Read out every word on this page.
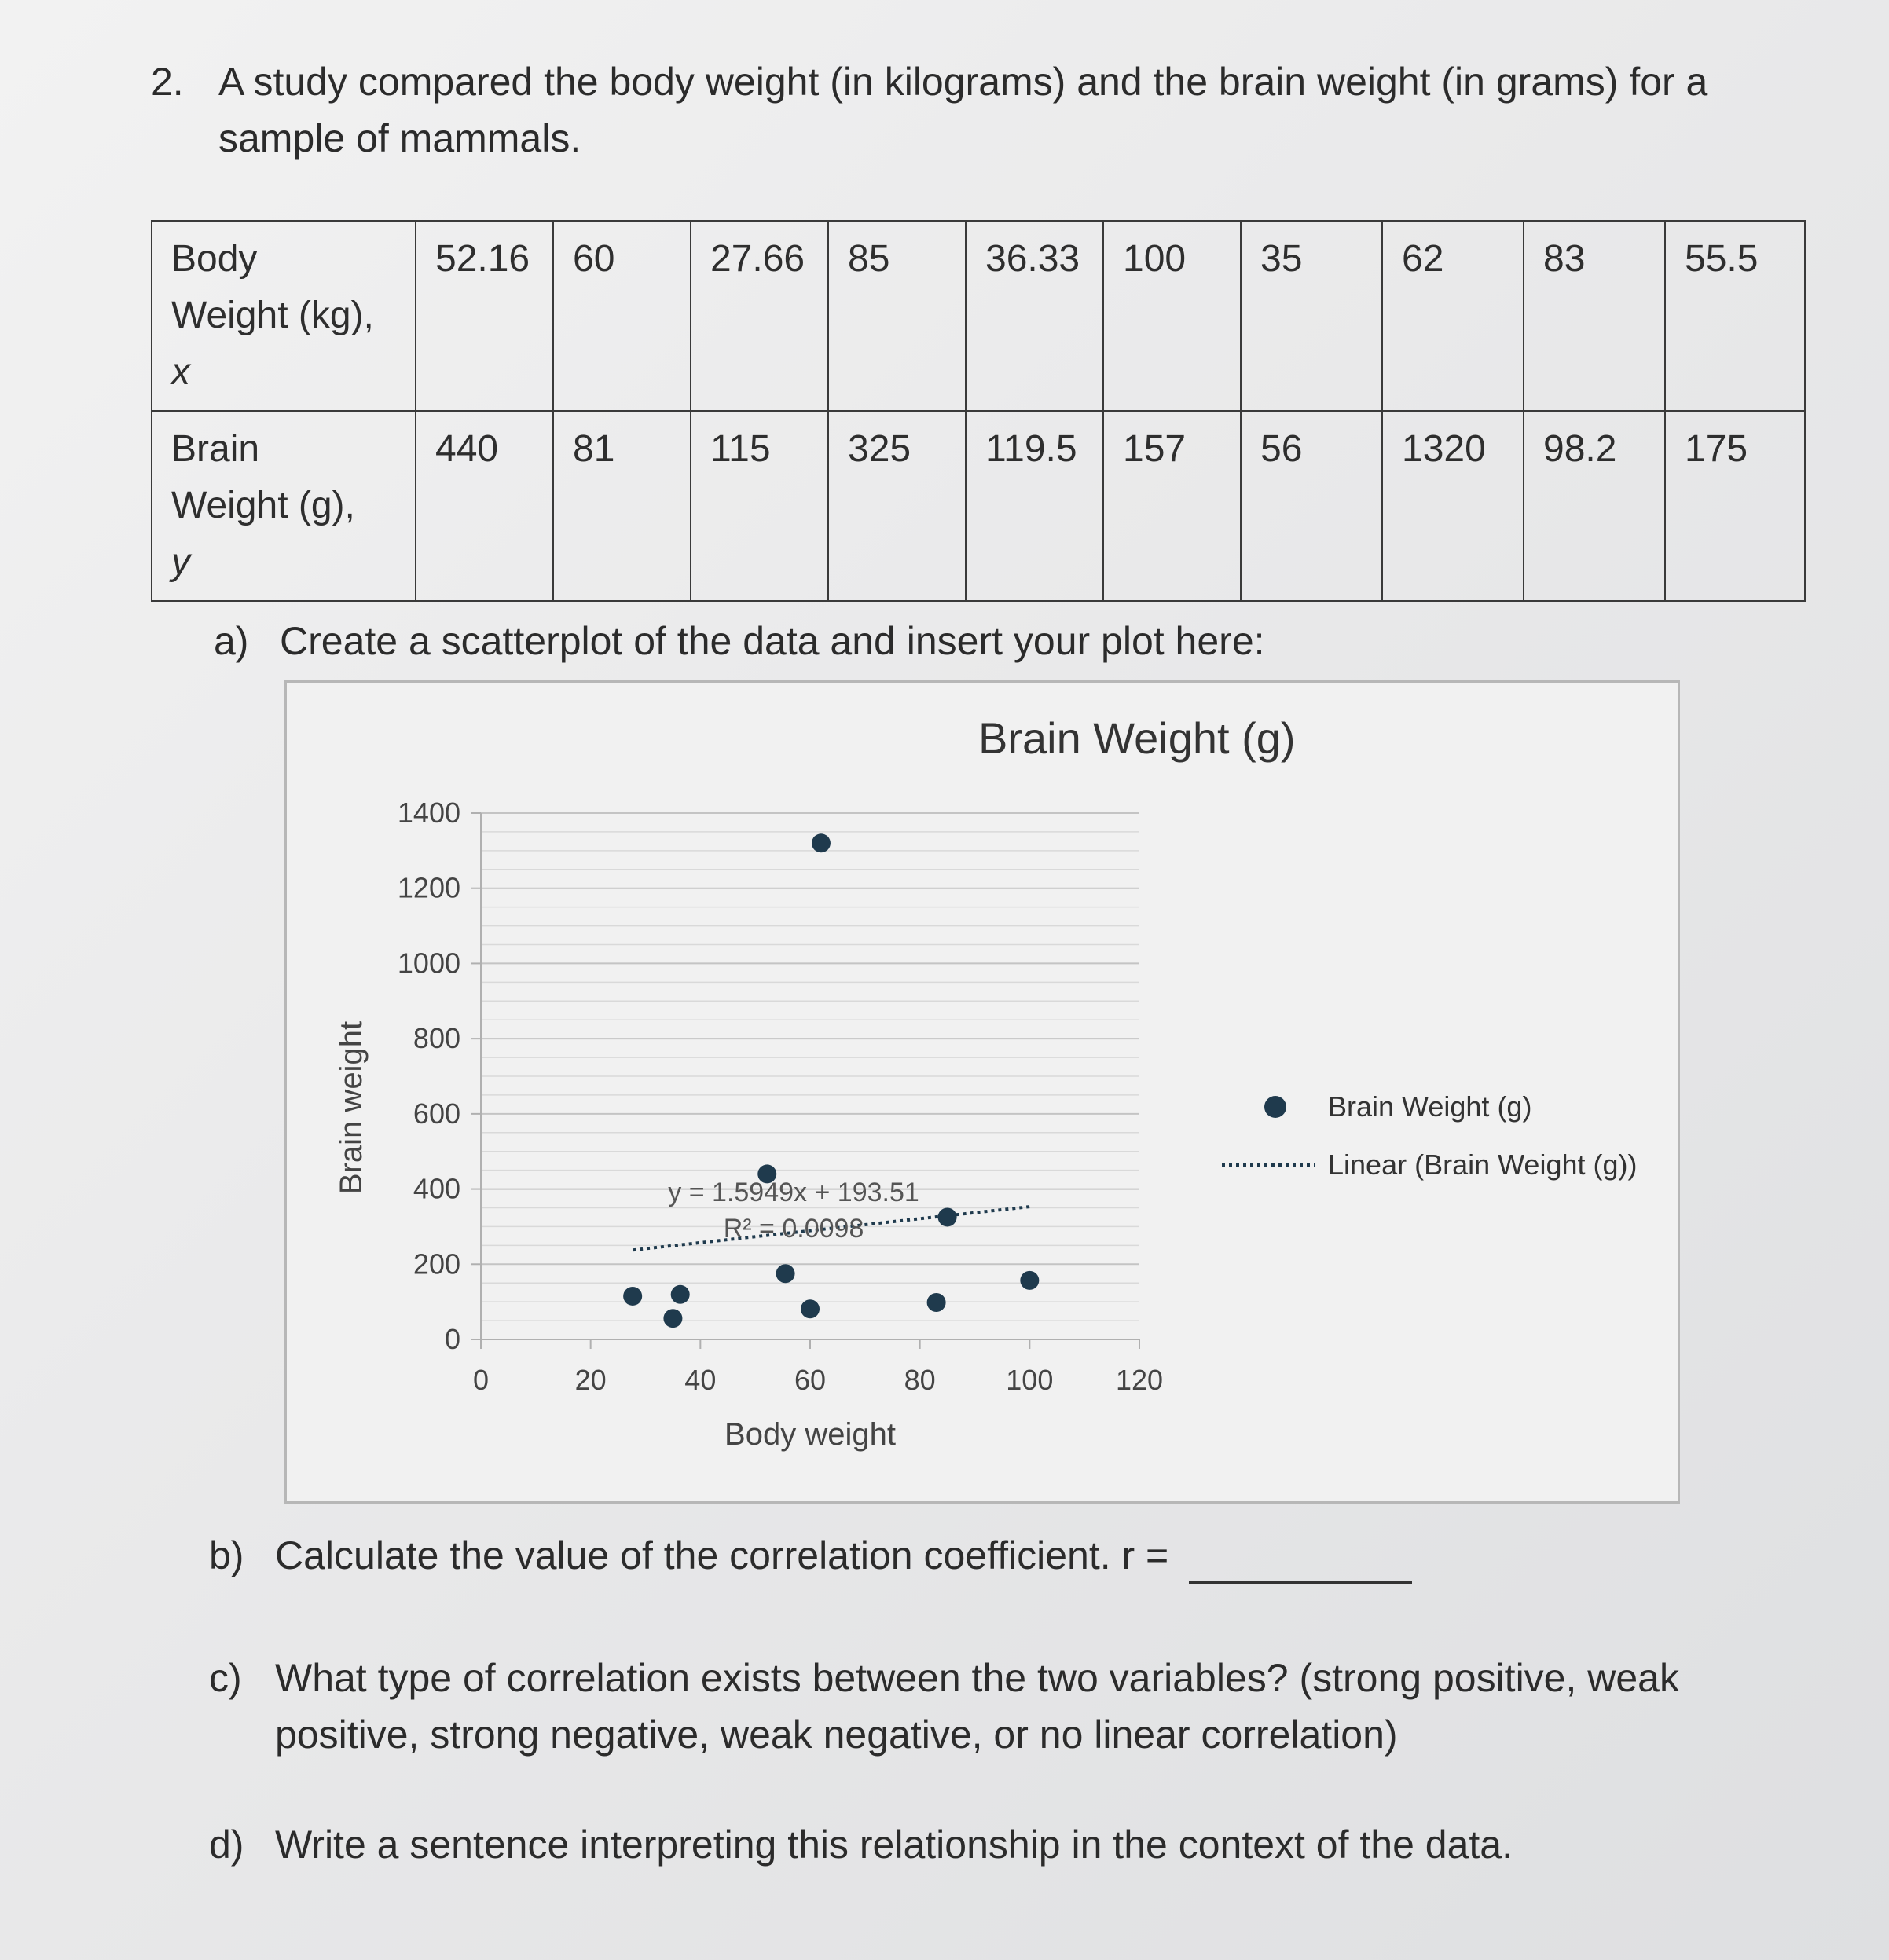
2. A study compared the body weight (in kilograms) and the brain weight (in grams) for a sample of mammals.
Body
Weight (kg),
x	52.16	60	27.66	85	36.33	100	35	62	83	55.5

Brain
Weight (g),
y	440	81	115	325	119.5	157	56	1320	98.2	175
a) Create a scatterplot of the data and insert your plot here:
Brain Weight (g)
0
200
400
600
800
1000
1200
1400
0	20	40	60	80 100 120
Body weight
Brain weight	y = 1.5949x + 193.51
R² = 0.0098
Brain Weight (g)
Linear (Brain Weight (g))
b) Calculate the value of the correlation coefficient. r =
c) What type of correlation exists between the two variables? (strong positive, weak positive, strong negative, weak negative, or no linear correlation)
d) Write a sentence interpreting this relationship in the context of the data.
